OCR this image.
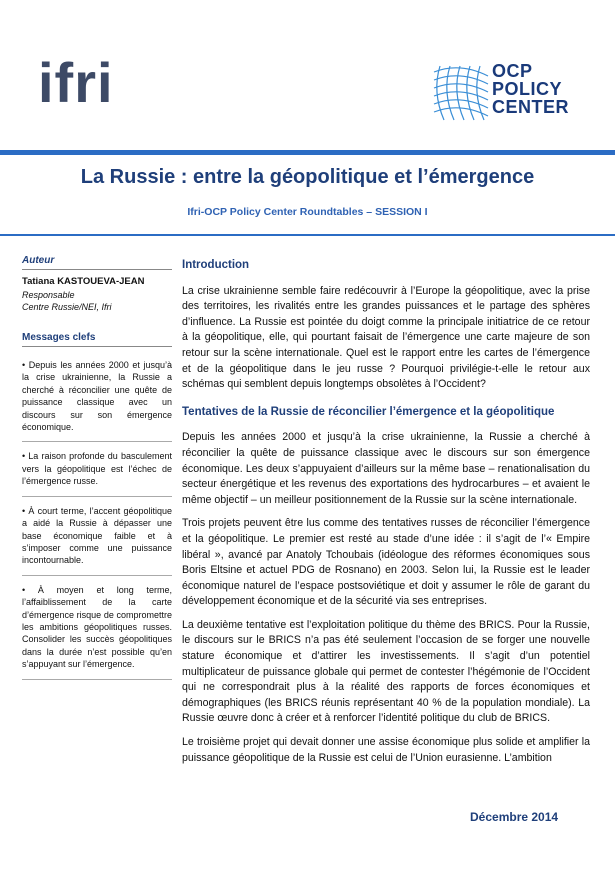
ifri	OCP
POLICY
CENTER
La Russie : entre la géopolitique et l’émergence
Ifri-OCP Policy Center Roundtables – SESSION I
Auteur
Tatiana KASTOUEVA-JEAN
Responsable
Centre Russie/NEI, Ifri
Messages clefs

• Depuis les années 2000 et jusqu’à la crise ukrainienne, la Russie a cherché à réconcilier une quête de puissance classique avec un discours sur son émergence économique.

• La raison profonde du basculement vers la géopolitique est l’échec de l’émergence russe.

• À court terme, l’accent géopolitique a aidé la Russie à dépasser une base économique faible et à s’imposer comme une puissance incontournable.

• À moyen et long terme, l’affaiblissement de la carte d’émergence risque de compromettre les ambitions géopolitiques russes. Consolider les succès géopolitiques dans la durée n’est possible qu’en s’appuyant sur l’émergence.

Introduction

La crise ukrainienne semble faire redécouvrir à l’Europe la géopolitique, avec la prise des territoires, les rivalités entre les grandes puissances et le partage des sphères d’influence. La Russie est pointée du doigt comme la principale initiatrice de ce retour à la géopolitique, elle, qui pourtant faisait de l’émergence une carte majeure de son retour sur la scène internationale. Quel est le rapport entre les cartes de l’émergence et de la géopolitique dans le jeu russe ? Pourquoi privilégie-t-elle le retour aux schémas qui semblent depuis longtemps obsolètes à l’Occident?

Tentatives de la Russie de réconcilier l’émergence et la géopolitique

Depuis les années 2000 et jusqu’à la crise ukrainienne, la Russie a cherché à réconcilier la quête de puissance classique avec le discours sur son émergence économique. Les deux s’appuyaient d’ailleurs sur la même base – renationalisation du secteur énergétique et les revenus des exportations des hydrocarbures – et avaient le même objectif – un meilleur positionnement de la Russie sur la scène internationale.

Trois projets peuvent être lus comme des tentatives russes de réconcilier l’émergence et la géopolitique. Le premier est resté au stade d’une idée : il s’agit de l’« Empire libéral », avancé par Anatoly Tchoubais (idéologue des réformes économiques sous Boris Eltsine et actuel PDG de Rosnano) en 2003. Selon lui, la Russie est le leader économique naturel de l’espace postsoviétique et doit y assumer le rôle de garant du développement économique et de la sécurité via ses entreprises.

La deuxième tentative est l’exploitation politique du thème des BRICS. Pour la Russie, le discours sur le BRICS n’a pas été seulement l’occasion de se forger une nouvelle stature économique et d’attirer les investissements. Il s’agit d’un potentiel multiplicateur de puissance globale qui permet de contester l’hégémonie de l’Occident qui ne correspondrait plus à la réalité des rapports de forces économiques et démographiques (les BRICS réunis représentant 40 % de la population mondiale). La Russie œuvre donc à créer et à renforcer l’identité politique du club de BRICS.

Le troisième projet qui devait donner une assise économique plus solide et amplifier la puissance géopolitique de la Russie est celui de l’Union eurasienne. L’ambition

Décembre 2014
